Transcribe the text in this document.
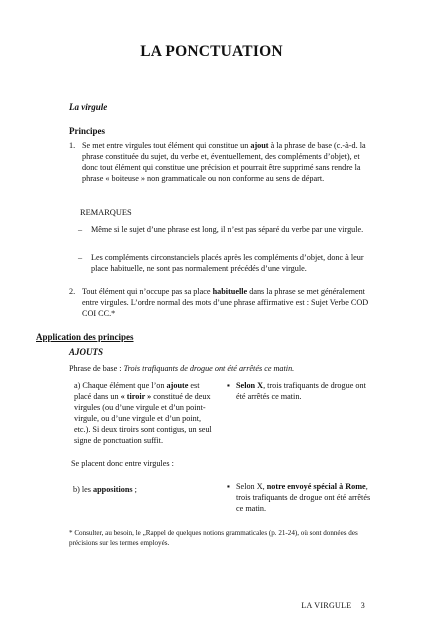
LA PONCTUATION
La virgule
Principes
1. Se met entre virgules tout élément qui constitue un ajout à la phrase de base (c.-à-d. la phrase constituée du sujet, du verbe et, éventuellement, des compléments d’objet), et donc tout élément qui constitue une précision et pourrait être supprimé sans rendre la phrase « boiteuse » non grammaticale ou non conforme au sens de départ.
REMARQUES
– Même si le sujet d’une phrase est long, il n’est pas séparé du verbe par une virgule.
– Les compléments circonstanciels placés après les compléments d’objet, donc à leur place habituelle, ne sont pas normalement précédés d’une virgule.
2. Tout élément qui n’occupe pas sa place habituelle dans la phrase se met généralement entre virgules. L’ordre normal des mots d’une phrase affirmative est : Sujet Verbe COD COI CC.*
Application des principes
AJOUTS
Phrase de base : Trois trafiquants de drogue ont été arrêtés ce matin.
a) Chaque élément que l’on ajoute est placé dans un « tiroir » constitué de deux virgules (ou d’une virgule et d’un point-virgule, ou d’une virgule et d’un point, etc.). Si deux tiroirs sont contigus, un seul signe de ponctuation suffit.
▪ Selon X, trois trafiquants de drogue ont été arrêtés ce matin.
Se placent donc entre virgules :
b) les appositions ;	▪ Selon X, notre envoyé spécial à Rome, trois trafiquants de drogue ont été arrêtés ce matin.
* Consulter, au besoin, le „Rappel de quelques notions grammaticales (p. 21-24), où sont données des précisions sur les termes employés.
LA VIRGULE    3
